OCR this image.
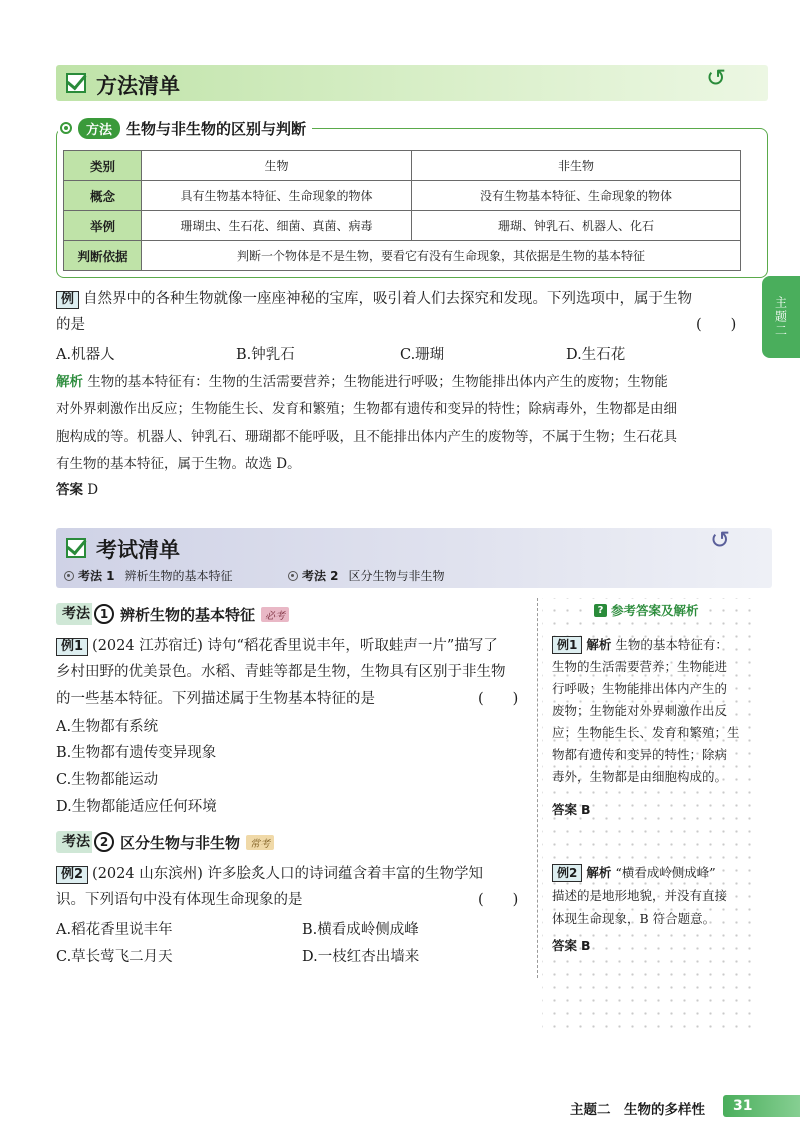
方法清单	↺
方法 生物与非生物的区别与判断
类别	生物	非生物
概念	具有生物基本特征、生命现象的物体	没有生物基本特征、生命现象的物体
举例	珊瑚虫、生石花、细菌、真菌、病毒	珊瑚、钟乳石、机器人、化石
判断依据	判断一个物体是不是生物，要看它有没有生命现象，其依据是生物的基本特征	
例 自然界中的各种生物就像一座座神秘的宝库，吸引着人们去探究和发现。下列选项中，属于生物
的是	(　　)
A.机器人	B.钟乳石	C.珊瑚	D.生石花
解析 生物的基本特征有：生物的生活需要营养；生物能进行呼吸；生物能排出体内产生的废物；生物能
对外界刺激作出反应；生物能生长、发育和繁殖；生物都有遗传和变异的特性；除病毒外，生物都是由细
胞构成的等。机器人、钟乳石、珊瑚都不能呼吸，且不能排出体内产生的废物等，不属于生物；生石花具
有生物的基本特征，属于生物。故选 D。
答案 D
考试清单	↺
考法 1 辨析生物的基本特征	考法 2 区分生物与非生物
考法 1 辨析生物的基本特征	必考
例1 (2024 江苏宿迁) 诗句“稻花香里说丰年，听取蛙声一片”描写了
乡村田野的优美景色。水稻、青蛙等都是生物，生物具有区别于非生物
的一些基本特征。下列描述属于生物基本特征的是	(　　)
A.生物都有系统
B.生物都有遗传变异现象
C.生物都能运动
D.生物都能适应任何环境
考法 2 区分生物与非生物	常考
例2 (2024 山东滨州) 许多脍炙人口的诗词蕴含着丰富的生物学知
识。下列语句中没有体现生命现象的是	(　　)
A.稻花香里说丰年	B.横看成岭侧成峰
C.草长莺飞二月天	D.一枝红杏出墙来
? 参考答案及解析
例1 解析 生物的基本特征有：
生物的生活需要营养；生物能进
行呼吸；生物能排出体内产生的
废物；生物能对外界刺激作出反
应；生物能生长、发育和繁殖；生
物都有遗传和变异的特性；除病
毒外，生物都是由细胞构成的。
答案 B
例2 解析 “横看成岭侧成峰”
描述的是地形地貌，并没有直接
体现生命现象，B 符合题意。
答案 B
主题二
主题二　生物的多样性	31
